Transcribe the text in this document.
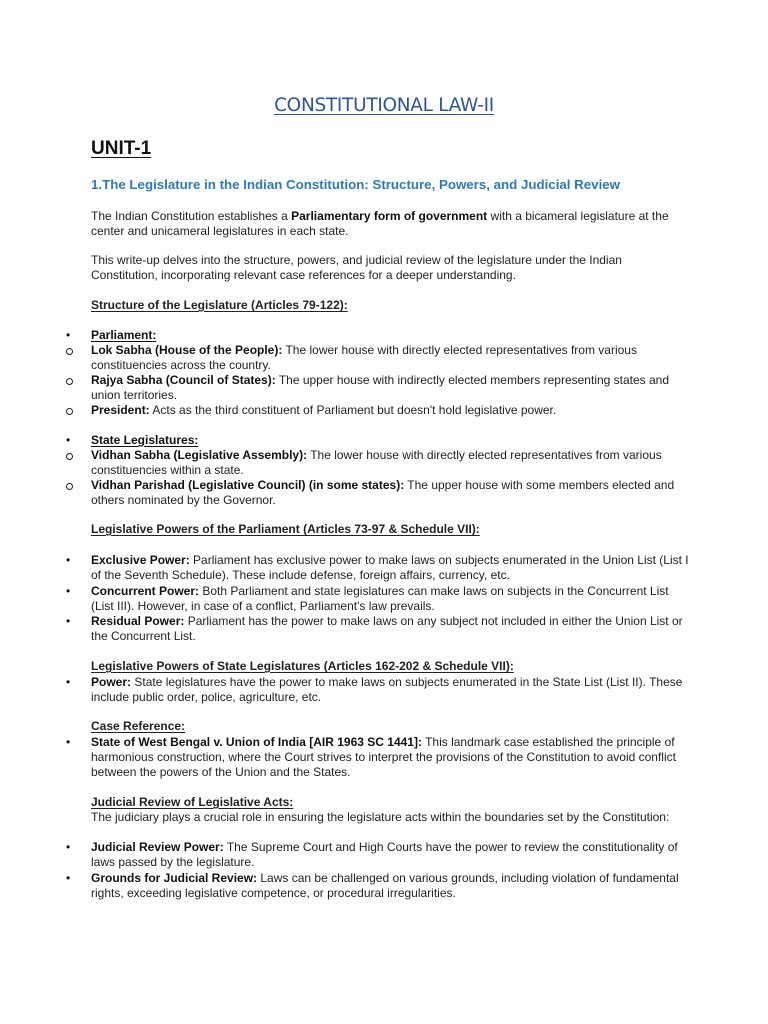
CONSTITUTIONAL LAW-II
UNIT-1
1.The Legislature in the Indian Constitution: Structure, Powers, and Judicial Review
The Indian Constitution establishes a Parliamentary form of government with a bicameral legislature at the center and unicameral legislatures in each state.
This write-up delves into the structure, powers, and judicial review of the legislature under the Indian Constitution, incorporating relevant case references for a deeper understanding.
Structure of the Legislature (Articles 79-122):
• Parliament:
Lok Sabha (House of the People): The lower house with directly elected representatives from various constituencies across the country.
Rajya Sabha (Council of States): The upper house with indirectly elected members representing states and union territories.
President: Acts as the third constituent of Parliament but doesn't hold legislative power.
• State Legislatures:
Vidhan Sabha (Legislative Assembly): The lower house with directly elected representatives from various constituencies within a state.
Vidhan Parishad (Legislative Council) (in some states): The upper house with some members elected and others nominated by the Governor.
Legislative Powers of the Parliament (Articles 73-97 & Schedule VII):
• Exclusive Power: Parliament has exclusive power to make laws on subjects enumerated in the Union List (List I of the Seventh Schedule). These include defense, foreign affairs, currency, etc.
• Concurrent Power: Both Parliament and state legislatures can make laws on subjects in the Concurrent List (List III). However, in case of a conflict, Parliament's law prevails.
• Residual Power: Parliament has the power to make laws on any subject not included in either the Union List or the Concurrent List.
Legislative Powers of State Legislatures (Articles 162-202 & Schedule VII):
• Power: State legislatures have the power to make laws on subjects enumerated in the State List (List II). These include public order, police, agriculture, etc.
Case Reference:
• State of West Bengal v. Union of India [AIR 1963 SC 1441]: This landmark case established the principle of harmonious construction, where the Court strives to interpret the provisions of the Constitution to avoid conflict between the powers of the Union and the States.
Judicial Review of Legislative Acts:
The judiciary plays a crucial role in ensuring the legislature acts within the boundaries set by the Constitution:
• Judicial Review Power: The Supreme Court and High Courts have the power to review the constitutionality of laws passed by the legislature.
• Grounds for Judicial Review: Laws can be challenged on various grounds, including violation of fundamental rights, exceeding legislative competence, or procedural irregularities.
